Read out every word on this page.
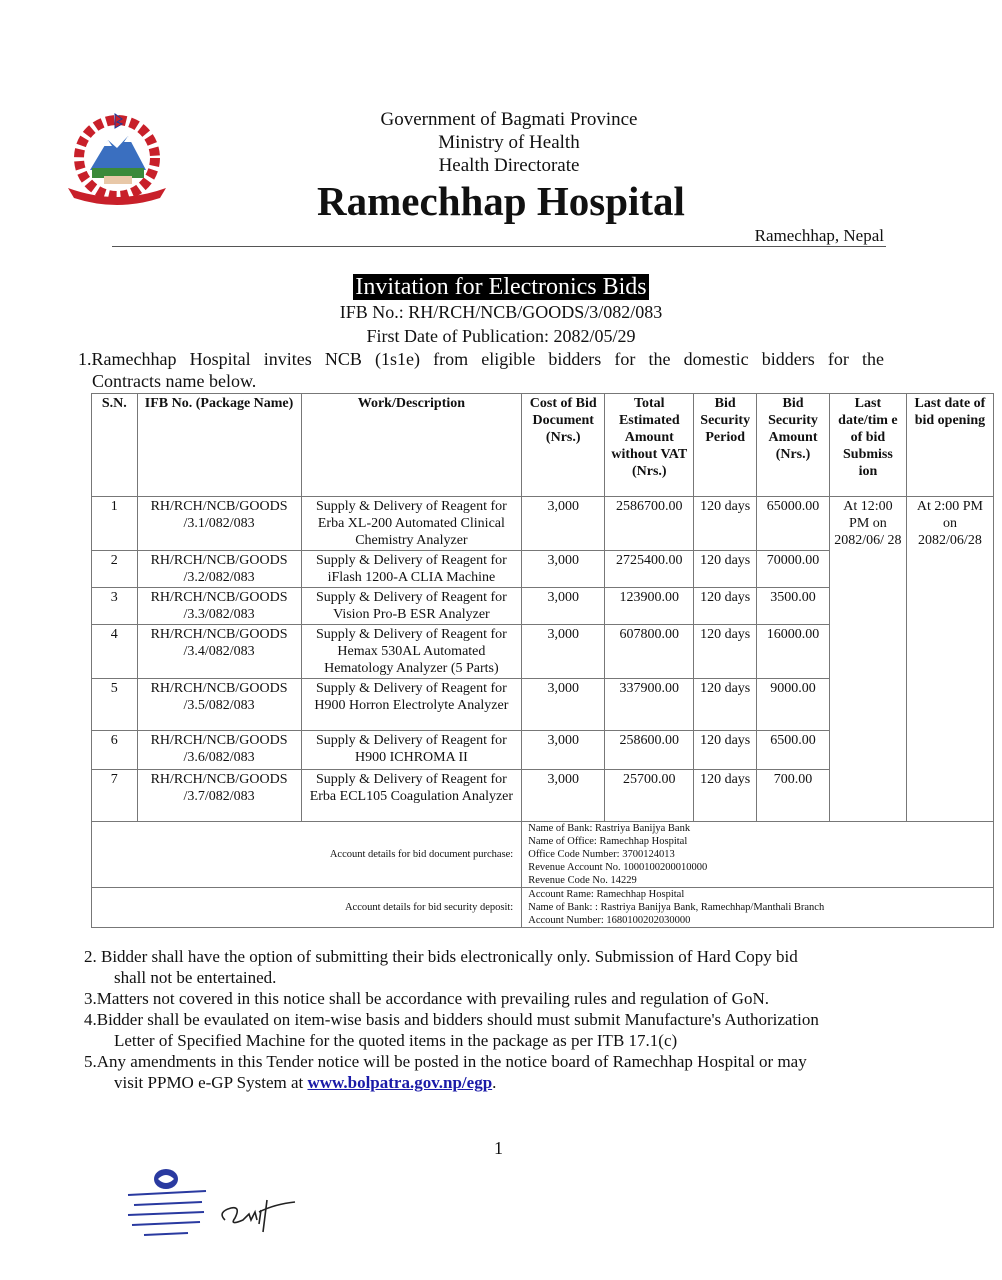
Government of Bagmati Province
Ministry of Health
Health Directorate
Ramechhap Hospital
Ramechhap, Nepal
Invitation for Electronics Bids
IFB No.: RH/RCH/NCB/GOODS/3/082/083
First Date of Publication: 2082/05/29
1.Ramechhap Hospital invites NCB (1s1e) from eligible bidders for the domestic bidders for the
Contracts name below.
S.N.	IFB No. (Package Name)	Work/Description	Cost of Bid Document (Nrs.)	Total Estimated Amount without VAT (Nrs.)	Bid Security Period	Bid Security Amount (Nrs.)	Last date/tim e of bid Submiss ion	Last date of bid opening
1	RH/RCH/NCB/GOODS /3.1/082/083	Supply & Delivery of Reagent for Erba XL-200 Automated Clinical Chemistry Analyzer	3,000	2586700.00	120 days	65000.00	At 12:00 PM on 2082/06/ 28	At 2:00 PM on 2082/06/28
2	RH/RCH/NCB/GOODS /3.2/082/083	Supply & Delivery of Reagent for iFlash 1200-A CLIA Machine	3,000	2725400.00	120 days	70000.00		
3	RH/RCH/NCB/GOODS /3.3/082/083	Supply & Delivery of Reagent for Vision Pro-B ESR Analyzer	3,000	123900.00	120 days	3500.00		
4	RH/RCH/NCB/GOODS /3.4/082/083	Supply & Delivery of Reagent for Hemax 530AL Automated Hematology Analyzer (5 Parts)	3,000	607800.00	120 days	16000.00		
5	RH/RCH/NCB/GOODS /3.5/082/083	Supply & Delivery of Reagent for H900 Horron Electrolyte Analyzer	3,000	337900.00	120 days	9000.00		
6	RH/RCH/NCB/GOODS /3.6/082/083	Supply & Delivery of Reagent for H900 ICHROMA II	3,000	258600.00	120 days	6500.00		
7	RH/RCH/NCB/GOODS /3.7/082/083	Supply & Delivery of Reagent for Erba ECL105 Coagulation Analyzer	3,000	25700.00	120 days	700.00		
Account details for bid document purchase:			Name of Bank: Rastriya Banijya Bank
Name of Office: Ramechhap Hospital
Office Code Number: 3700124013
Revenue Account No. 1000100200010000
Revenue Code No. 14229					

Account details for bid security deposit:			Account Rame: Ramechhap Hospital
Name of Bank: : Rastriya Banijya Bank, Ramechhap/Manthali Branch
Account Number: 1680100202030000					
2. Bidder shall have the option of submitting their bids electronically only. Submission of Hard Copy bid
shall not be entertained.
3.Matters not covered in this notice shall be accordance with prevailing rules and regulation of GoN.
4.Bidder shall be evaulated on item-wise basis and bidders should must submit Manufacture's Authorization
Letter of Specified Machine for the quoted items in the package as per ITB 17.1(c)
5.Any amendments in this Tender notice will be posted in the notice board of Ramechhap Hospital or may
visit PPMO e-GP System at www.bolpatra.gov.np/egp.
1
